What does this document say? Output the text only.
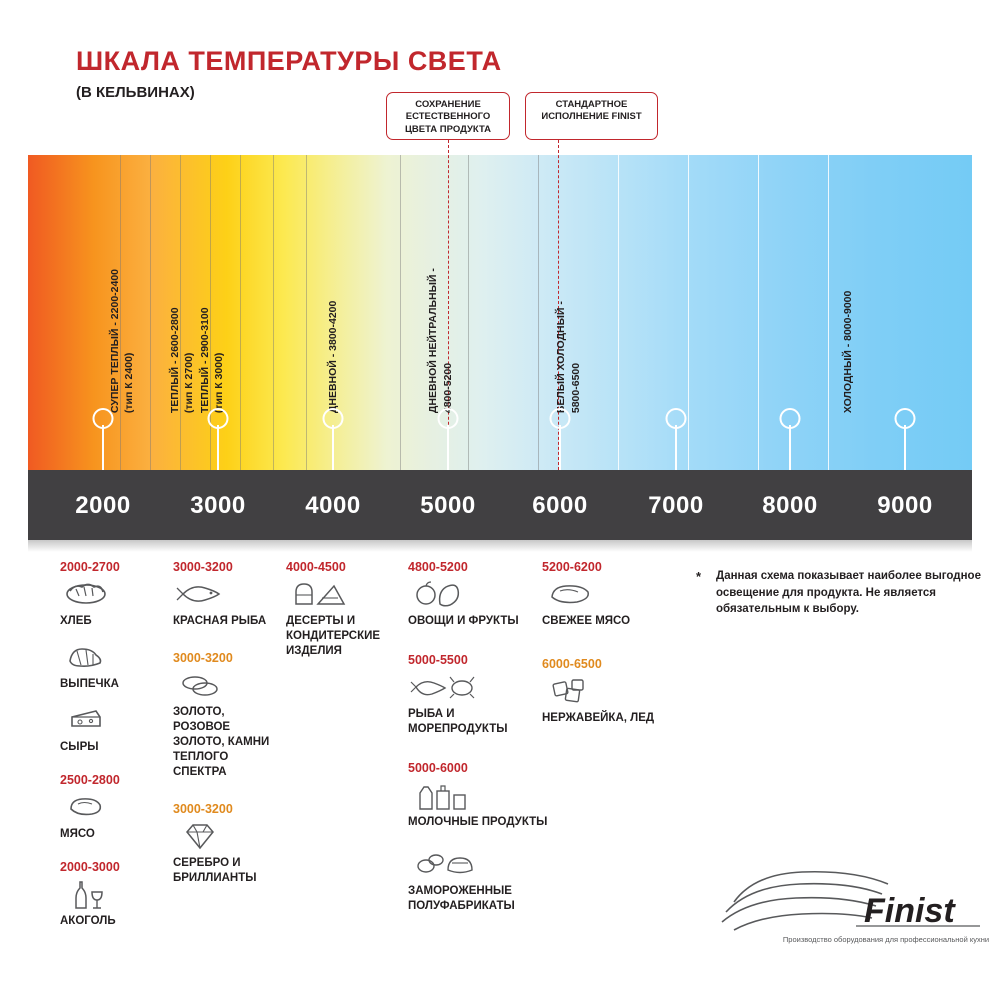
ШКАЛА ТЕМПЕРАТУРЫ СВЕТА
(В КЕЛЬВИНАХ)
СОХРАНЕНИЕ ЕСТЕСТВЕННОГО ЦВЕТА ПРОДУКТА
СТАНДАРТНОЕ ИСПОЛНЕНИЕ FINIST
СУПЕР ТЕПЛЫЙ - 2200-2400 (тип К 2400)	ТЕПЛЫЙ - 2600-2800 (тип К 2700) ТЕПЛЫЙ - 2900-3100 (тип К 3000)	ДНЕВНОЙ - 3800-4200	ДНЕВНОЙ НЕЙТРАЛЬНЫЙ - 4800-5200	БЕЛЫЙ ХОЛОДНЫЙ -	ХОЛОДНЫЙ - 8000-9000
5800-6500
2000 3000 4000 5000 6000	7000 8000 9000
2000-2700
ХЛЕБ
ВЫПЕЧКА
СЫРЫ
2500-2800
МЯСО
2000-3000
АКОГОЛЬ
3000-3200
КРАСНАЯ РЫБА
3000-3200
ЗОЛОТО, РОЗОВОЕ ЗОЛОТО, КАМНИ ТЕПЛОГО СПЕКТРА
3000-3200
СЕРЕБРО И БРИЛЛИАНТЫ
4000-4500
ДЕСЕРТЫ И КОНДИТЕРСКИЕ ИЗДЕЛИЯ
4800-5200
ОВОЩИ И ФРУКТЫ
5000-5500
РЫБА И МОРЕПРОДУКТЫ
5000-6000
МОЛОЧНЫЕ ПРОДУКТЫ
ЗАМОРОЖЕННЫЕ ПОЛУФАБРИКАТЫ
5200-6200
СВЕЖЕЕ МЯСО
6000-6500
НЕРЖАВЕЙКА, ЛЕД
* Данная схема показывает наиболее выгодное освещение для продукта. Не является обязательным к выбору.
Finist
Производство оборудования для профессиональной кухни
